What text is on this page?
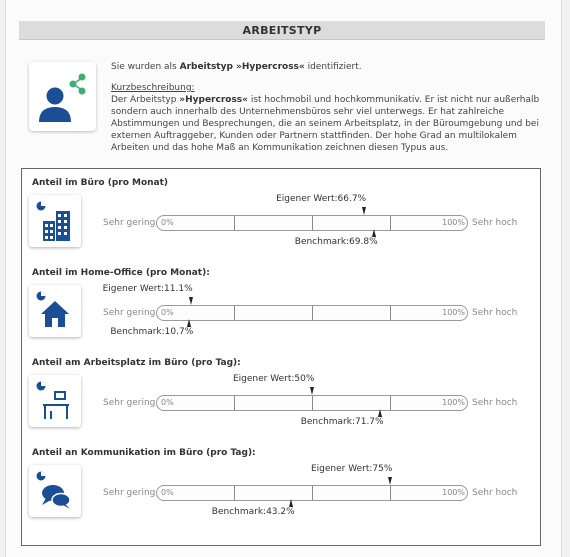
ARBEITSTYP
Sie wurden als Arbeitstyp »Hypercross« identifiziert.
Kurzbeschreibung:
Der Arbeitstyp »Hypercross« ist hochmobil und hochkommunikativ. Er ist nicht nur außerhalb sondern auch innerhalb des Unternehmensbüros sehr viel unterwegs. Er hat zahlreiche Abstimmungen und Besprechungen, die an seinem Arbeitsplatz, in der Büroumgebung und bei externen Auftraggeber, Kunden oder Partnern stattfinden. Der hohe Grad an multilokalem Arbeiten und das hohe Maß an Kommunikation zeichnen diesen Typus aus.
Anteil im Büro (pro Monat)
Sehr gering	Sehr hoch
0%	100%
Eigener Wert:66.7%
Benchmark:69.8%
Anteil im Home-Office (pro Monat):
Sehr gering	Sehr hoch
0%	100%
Eigener Wert:11.1%
Benchmark:10.7%
Anteil am Arbeitsplatz im Büro (pro Tag):
Sehr gering	Sehr hoch
0%	100%
Eigener Wert:50%
Benchmark:71.7%
Anteil an Kommunikation im Büro (pro Tag):
Sehr gering	Sehr hoch
0%	100%
Eigener Wert:75%
Benchmark:43.2%
